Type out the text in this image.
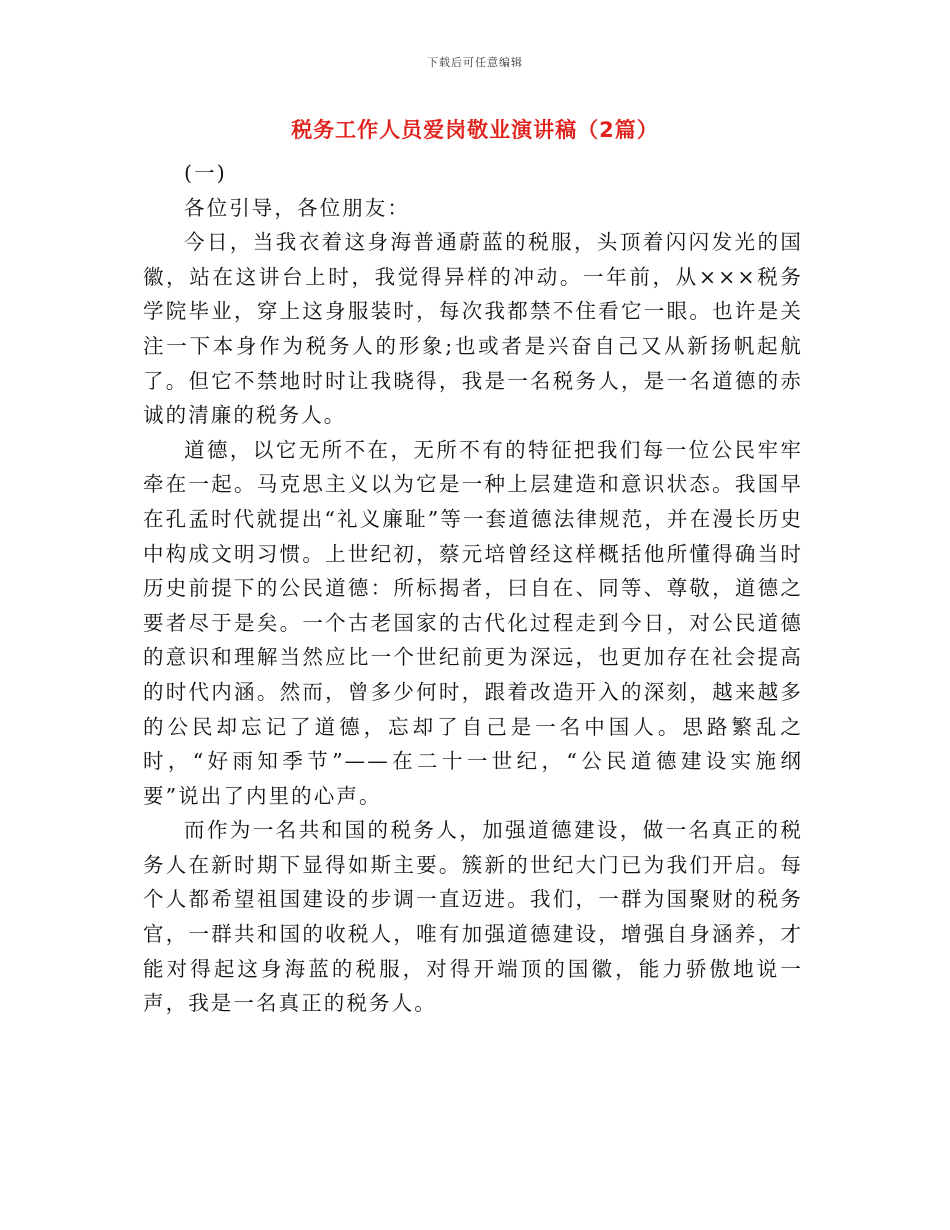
下载后可任意编辑
税务工作人员爱岗敬业演讲稿（2篇）

(一)

各位引导，各位朋友：

今日，当我衣着这身海普通蔚蓝的税服，头顶着闪闪发光的国徽，站在这讲台上时，我觉得异样的冲动。一年前，从×××税务学院毕业，穿上这身服装时，每次我都禁不住看它一眼。也许是关注一下本身作为税务人的形象;也或者是兴奋自己又从新扬帆起航了。但它不禁地时时让我晓得，我是一名税务人，是一名道德的赤诚的清廉的税务人。

道德，以它无所不在，无所不有的特征把我们每一位公民牢牢牵在一起。马克思主义以为它是一种上层建造和意识状态。我国早在孔孟时代就提出“礼义廉耻”等一套道德法律规范，并在漫长历史中构成文明习惯。上世纪初，蔡元培曾经这样概括他所懂得确当时历史前提下的公民道德：所标揭者，曰自在、同等、尊敬，道德之要者尽于是矣。一个古老国家的古代化过程走到今日，对公民道德的意识和理解当然应比一个世纪前更为深远，也更加存在社会提高的时代内涵。然而，曾多少何时，跟着改造开入的深刻，越来越多的公民却忘记了道德，忘却了自己是一名中国人。思路繁乱之时，“好雨知季节”——在二十一世纪，“公民道德建设实施纲要”说出了内里的心声。

而作为一名共和国的税务人，加强道德建设，做一名真正的税务人在新时期下显得如斯主要。簇新的世纪大门已为我们开启。每个人都希望祖国建设的步调一直迈进。我们，一群为国聚财的税务官，一群共和国的收税人，唯有加强道德建设，增强自身涵养，才能对得起这身海蓝的税服，对得开端顶的国徽，能力骄傲地说一声，我是一名真正的税务人。
